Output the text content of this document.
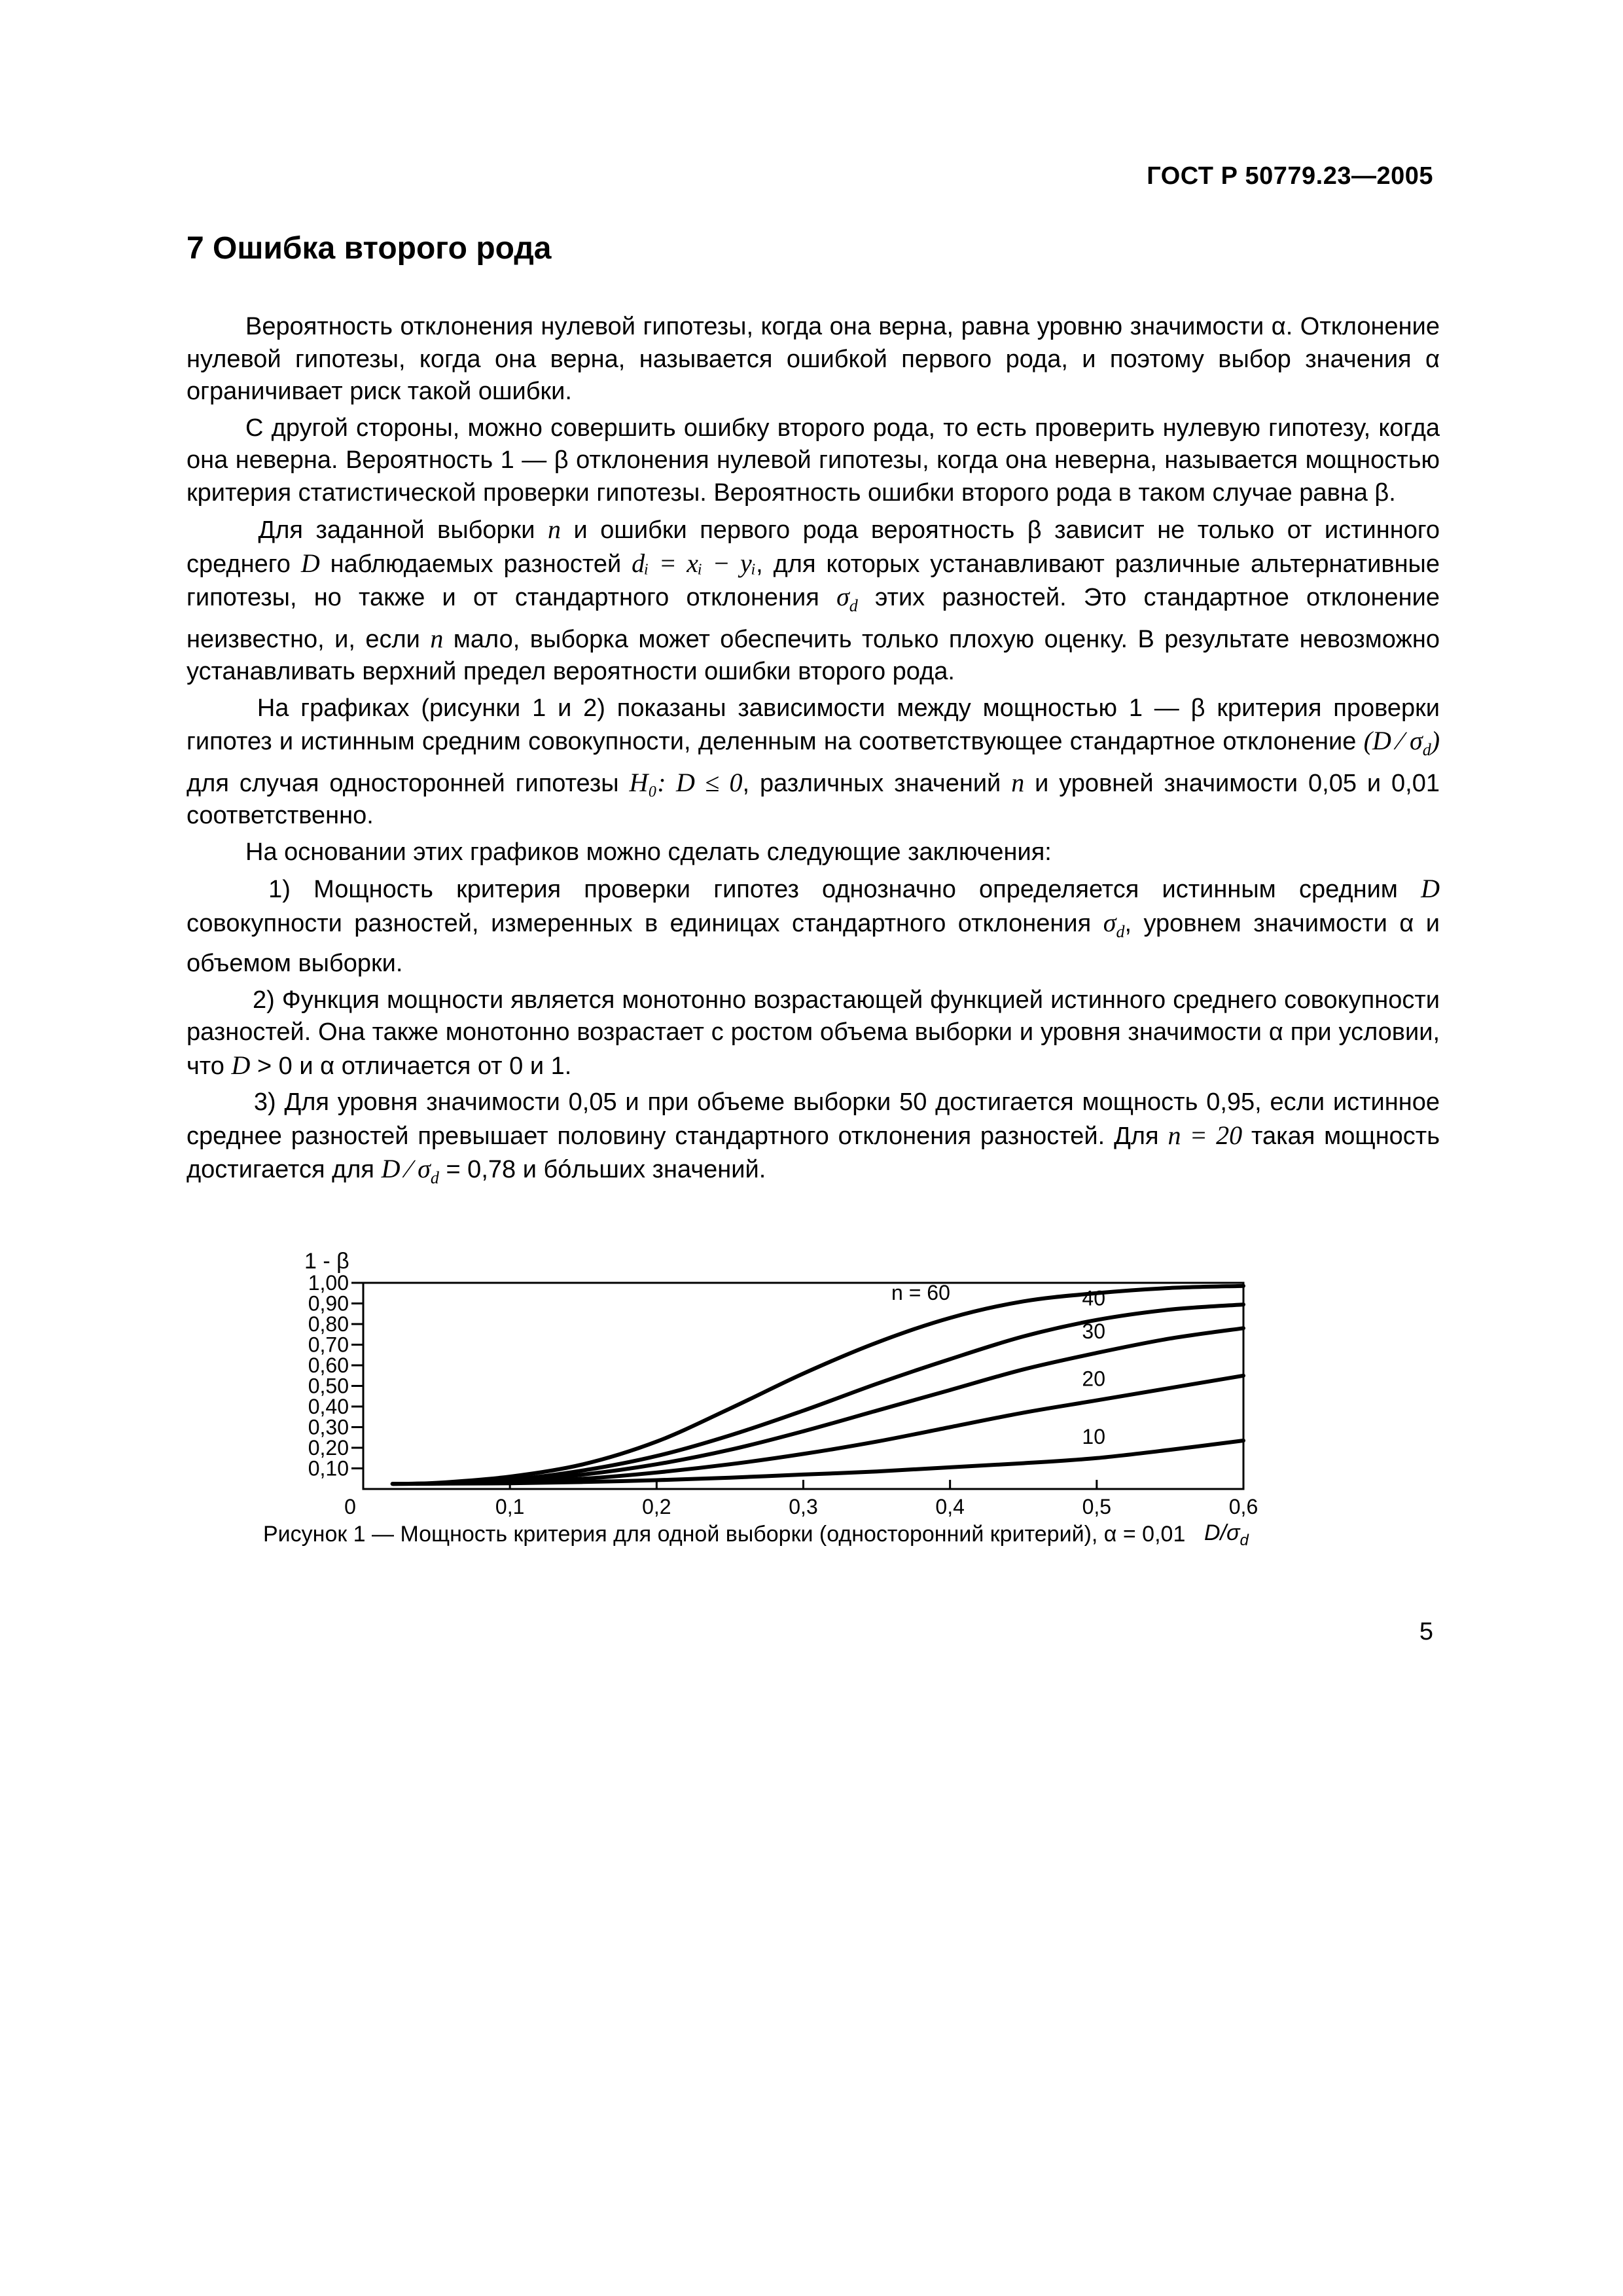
ГОСТ Р 50779.23—2005
7 Ошибка второго рода

Вероятность отклонения нулевой гипотезы, когда она верна, равна уровню значимости α. Отклонение нулевой гипотезы, когда она верна, называется ошибкой первого рода, и поэтому выбор значения α ограничивает риск такой ошибки.

С другой стороны, можно совершить ошибку второго рода, то есть проверить нулевую гипотезу, когда она неверна. Вероятность 1 — β отклонения нулевой гипотезы, когда она неверна, называется мощностью критерия статистической проверки гипотезы. Вероятность ошибки второго рода в таком случае равна β.

Для заданной выборки n и ошибки первого рода вероятность β зависит не только от истинного среднего D наблюдаемых разностей dᵢ = xᵢ − yᵢ, для которых устанавливают различные альтернативные гипотезы, но также и от стандартного отклонения $\sigma_d$ этих разностей. Это стандартное отклонение неизвестно, и, если n мало, выборка может обеспечить только плохую оценку. В результате невозможно устанавливать верхний предел вероятности ошибки второго рода.

На графиках (рисунки 1 и 2) показаны зависимости между мощностью 1 — β критерия проверки гипотез и истинным средним совокупности, деленным на соответствующее стандартное отклонение (D ∕ $\sigma_d$) для случая односторонней гипотезы H₀: D ≤ 0, различных значений n и уровней значимости 0,05 и 0,01 соответственно.

На основании этих графиков можно сделать следующие заключения:

1) Мощность критерия проверки гипотез однозначно определяется истинным средним D совокупности разностей, измеренных в единицах стандартного отклонения $\sigma_d$, уровнем значимости α и объемом выборки.

2) Функция мощности является монотонно возрастающей функцией истинного среднего совокупности разностей. Она также монотонно возрастает с ростом объема выборки и уровня значимости α при условии, что D > 0 и α отличается от 0 и 1.

3) Для уровня значимости 0,05 и при объеме выборки 50 достигается мощность 0,95, если истинное среднее разностей превышает половину стандартного отклонения разностей. Для n = 20 такая мощность достигается для D ∕ $\sigma_d = 0,78$ и бóльших значений.

0,10
0,20
0,30
0,40
0,50
0,60
0,70
0,80
0,90
1,00
0,1	0,2	0,3	0,4	0,5	0,6
0
1 - β
$D/\sigma_d$
n = 60	40
30
20
10
Рисунок 1 — Мощность критерия для одной выборки (односторонний критерий), α = 0,01
5
